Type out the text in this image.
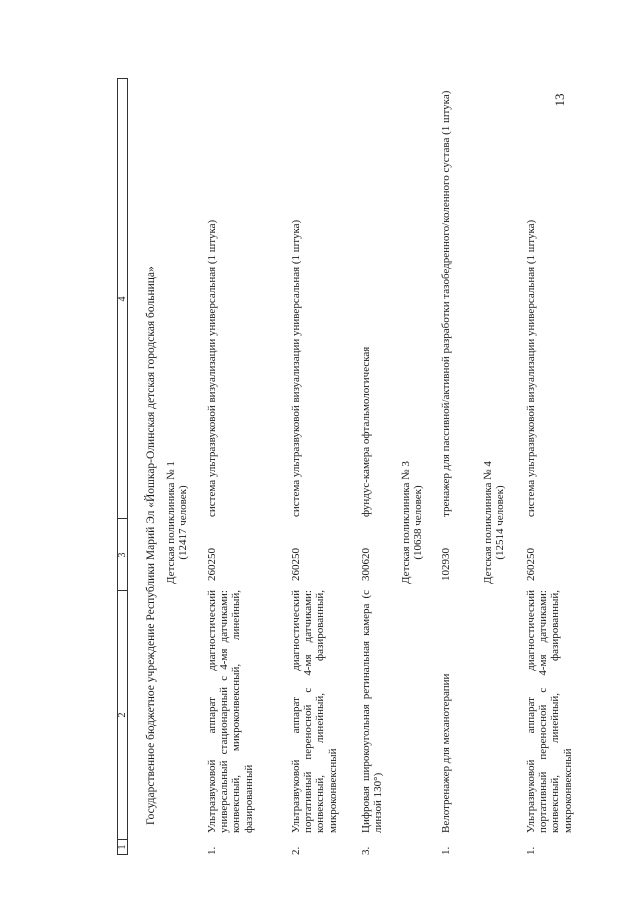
13
1
2
3
4 Государственное бюджетное учреждение Республики Марий Эл «Йошкар-Олинская детская городская больница» Детская поликлиника № 1 (12417 человек)
1.
Ультразвуковой аппарат диагностический универсальный стационарный с 4-мя датчиками: конвексный, микроконвексный, линейный, фазированный
260250
система ультразвуковой визуализации универсальная (1 штука)
2.
Ультразвуковой аппарат диагностический портативный переносной с 4-мя датчиками: конвексный, линейный, фазированный, микроконвексный
260250
система ультразвуковой визуализации универсальная (1 штука)
3.
Цифровая широкоугольная ретинальная камера (с линзой 130°)
300620
фундус-камера офтальмологическая
Детская поликлиника № 3 (10638 человек)
1.
Велотренажер для механотерапии
102930
тренажер для пассивной/активной разработки тазобедренного/коленного сустава (1 штука)
Детская поликлиника № 4 (12514 человек)
1.
Ультразвуковой аппарат диагностический портативный переносной с 4-мя датчиками: конвексный, линейный, фазированный, микроконвексный
260250
система ультразвуковой визуализации универсальная (1 штука)
